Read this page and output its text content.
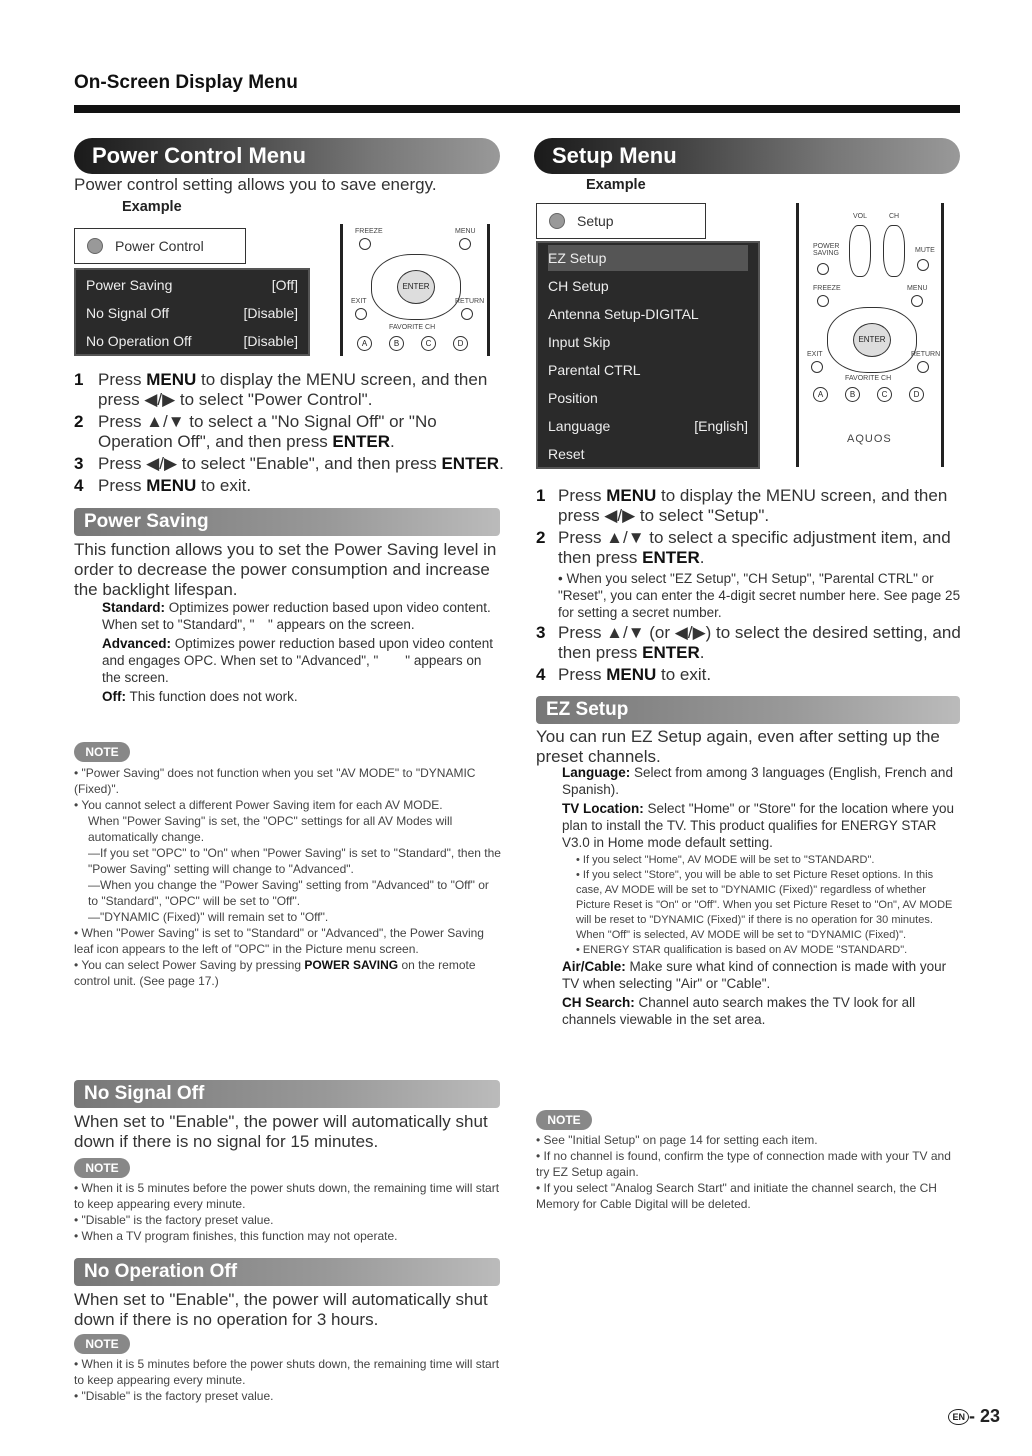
On-Screen Display Menu
Power Control Menu
Power control setting allows you to save energy.
Example
Power Control
Power Saving	[Off]
No Signal Off	[Disable]
No Operation Off	[Disable]
FREEZE	MENU
ENTER
EXIT	RETURN
FAVORITE CH
A	B	C	D
1 Press MENU to display the MENU screen, and then press ◀/▶ to select "Power Control".
2 Press ▲/▼ to select a "No Signal Off" or "No Operation Off", and then press ENTER.
3 Press ◀/▶ to select "Enable", and then press ENTER.
4 Press MENU to exit.
Power Saving
This function allows you to set the Power Saving level in order to decrease the power consumption and increase the backlight lifespan.
Standard: Optimizes power reduction based upon video content. When set to "Standard", " " appears on the screen.
Advanced: Optimizes power reduction based upon video content and engages OPC. When set to "Advanced", "  " appears on the screen.
Off: This function does not work.
NOTE
• "Power Saving" does not function when you set "AV MODE" to "DYNAMIC (Fixed)".
• You cannot select a different Power Saving item for each AV MODE.
When "Power Saving" is set, the "OPC" settings for all AV Modes will automatically change.
—If you set "OPC" to "On" when "Power Saving" is set to "Standard", then the "Power Saving" setting will change to "Advanced".
—When you change the "Power Saving" setting from "Advanced" to "Off" or to "Standard", "OPC" will be set to "Off".
—"DYNAMIC (Fixed)" will remain set to "Off".
• When "Power Saving" is set to "Standard" or "Advanced", the Power Saving leaf icon appears to the left of "OPC" in the Picture menu screen.
• You can select Power Saving by pressing POWER SAVING on the remote control unit. (See page 17.)
No Signal Off
When set to "Enable", the power will automatically shut down if there is no signal for 15 minutes.
NOTE
• When it is 5 minutes before the power shuts down, the remaining time will start to keep appearing every minute.
• "Disable" is the factory preset value.
• When a TV program finishes, this function may not operate.
No Operation Off
When set to "Enable", the power will automatically shut down if there is no operation for 3 hours.
NOTE
• When it is 5 minutes before the power shuts down, the remaining time will start to keep appearing every minute.
• "Disable" is the factory preset value.
Setup Menu
Example
Setup
EZ Setup
CH Setup
Antenna Setup-DIGITAL
Input Skip
Parental CTRL
Position
Language	[English]
Reset
VOL	CH
POWER SAVING	MUTE
FREEZE	MENU
ENTER
EXIT	RETURN
FAVORITE CH
A	B	C	D
AQUOS
1 Press MENU to display the MENU screen, and then press ◀/▶ to select "Setup".
2 Press ▲/▼ to select a specific adjustment item, and then press ENTER.
• When you select "EZ Setup", "CH Setup", "Parental CTRL" or "Reset", you can enter the 4-digit secret number here. See page 25 for setting a secret number.
3 Press ▲/▼ (or ◀/▶) to select the desired setting, and then press ENTER.
4 Press MENU to exit.
EZ Setup
You can run EZ Setup again, even after setting up the preset channels.
Language: Select from among 3 languages (English, French and Spanish).
TV Location: Select "Home" or "Store" for the location where you plan to install the TV. This product qualifies for ENERGY STAR V3.0 in Home mode default setting.
• If you select "Home", AV MODE will be set to "STANDARD".
• If you select "Store", you will be able to set Picture Reset options. In this case, AV MODE will be set to "DYNAMIC (Fixed)" regardless of whether Picture Reset is "On" or "Off". When you set Picture Reset to "On", AV MODE will be reset to "DYNAMIC (Fixed)" if there is no operation for 30 minutes. When "Off" is selected, AV MODE will be set to "DYNAMIC (Fixed)".
• ENERGY STAR qualification is based on AV MODE "STANDARD".
Air/Cable: Make sure what kind of connection is made with your TV when selecting "Air" or "Cable".
CH Search: Channel auto search makes the TV look for all channels viewable in the set area.
NOTE
• See "Initial Setup" on page 14 for setting each item.
• If no channel is found, confirm the type of connection made with your TV and try EZ Setup again.
• If you select "Analog Search Start" and initiate the channel search, the CH Memory for Cable Digital will be deleted.
EN - 23
